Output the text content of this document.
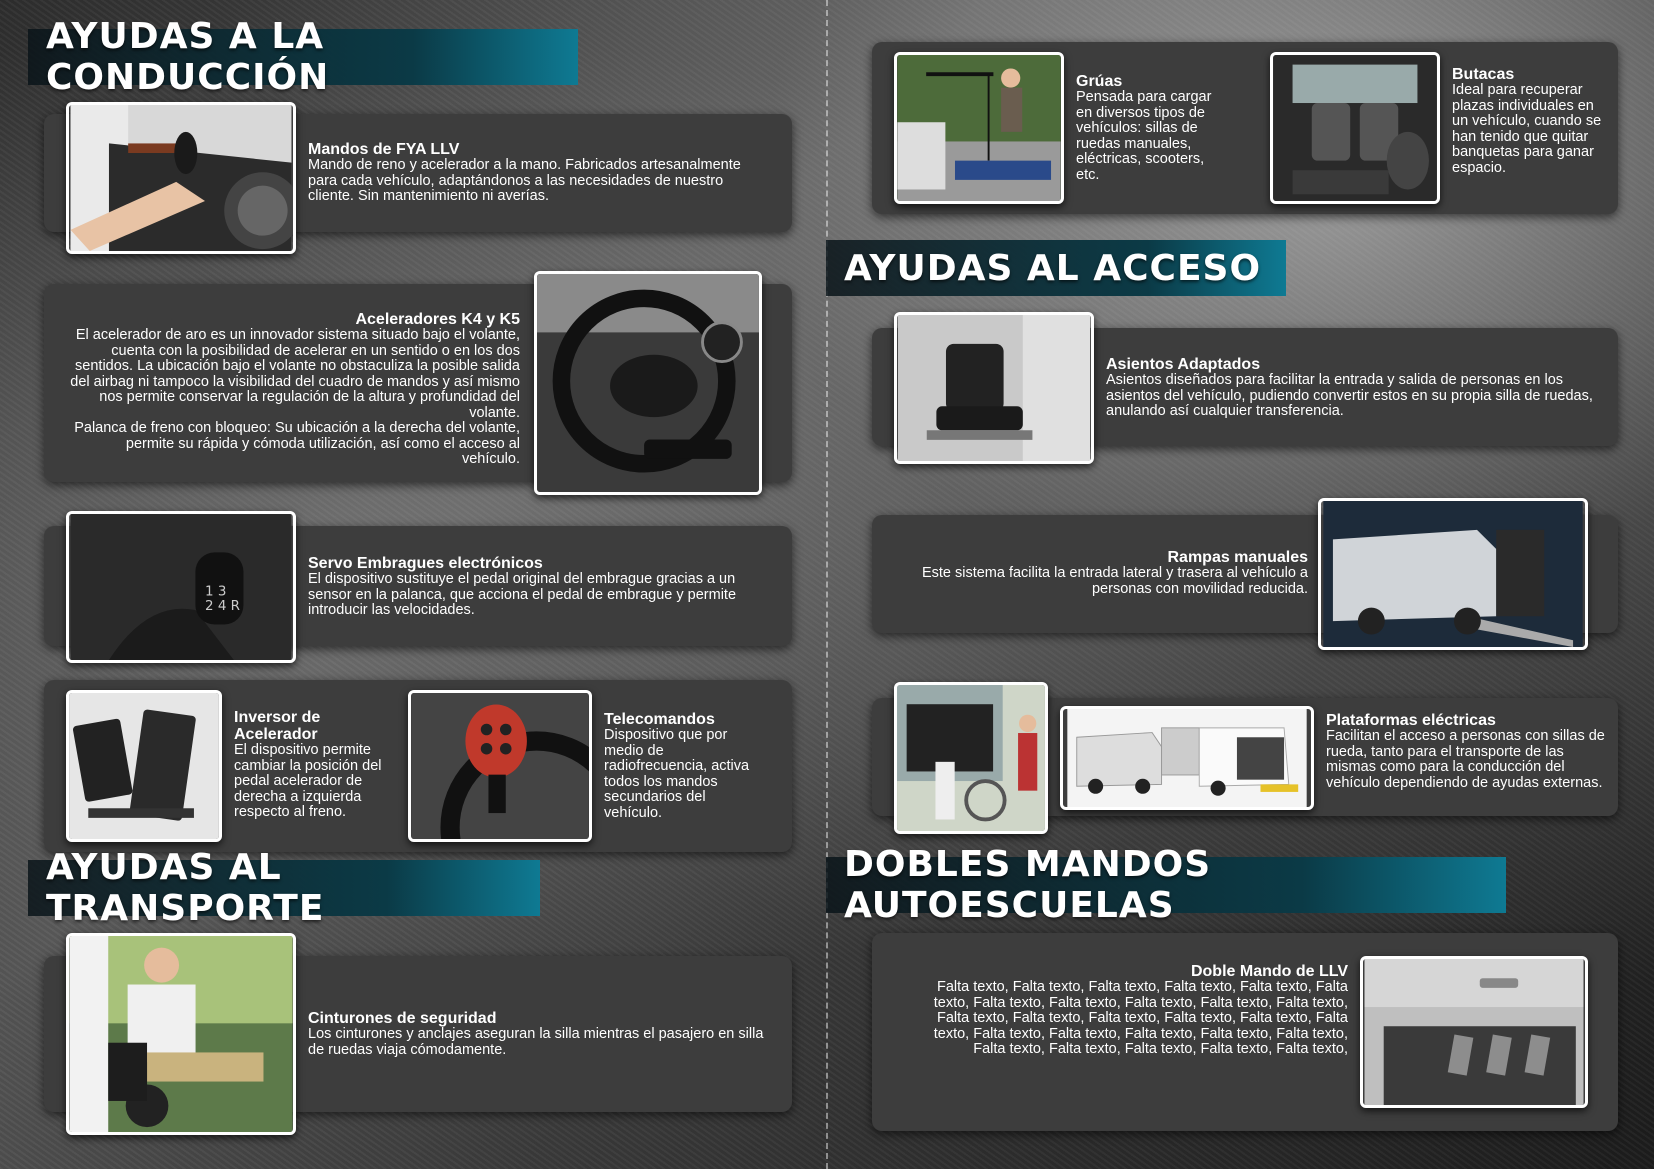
AYUDAS A LA CONDUCCIÓN
Mandos de FYA LLV

Mando de reno y acelerador a la mano. Fabricados artesanalmente para cada vehículo, adaptándonos a las necesidades de nuestro cliente. Sin mantenimiento ni averías.

Aceleradores K4 y K5

El acelerador de aro es un innovador sistema situado bajo el volante, cuenta con la posibilidad de acelerar en un sentido o en los dos sentidos. La ubicación bajo el volante no obstaculiza la posible salida del airbag ni tampoco la visibilidad del cuadro de mandos y así mismo nos permite conservar la regulación de la altura y profundidad del volante.

Palanca de freno con bloqueo: Su ubicación a la derecha del volante, permite su rápida y cómoda utilización, así como el acceso al vehículo.

1 3
2 4 R
Servo Embragues electrónicos

El dispositivo sustituye el pedal original del embrague gracias a un sensor en la palanca, que acciona el pedal de embrague y permite introducir las velocidades.

Inversor de Acelerador

El dispositivo permite cambiar la posición del pedal acelerador de derecha a izquierda respecto al freno.

Telecomandos

Dispositivo que por medio de radiofrecuencia, activa todos los mandos secundarios del vehículo.

AYUDAS AL TRANSPORTE
Cinturones de seguridad

Los cinturones y anclajes aseguran la silla mientras el pasajero en silla de ruedas viaja cómodamente.

Grúas

Pensada para cargar en diversos tipos de vehículos: sillas de ruedas manuales, eléctricas, scooters, etc.

Butacas

Ideal para recuperar plazas individuales en un vehículo, cuando se han tenido que quitar banquetas para ganar espacio.

AYUDAS AL ACCESO
Asientos Adaptados

Asientos diseñados para facilitar la entrada y salida de personas en los asientos del vehículo, pudiendo convertir estos en su propia silla de ruedas, anulando así cualquier transferencia.

Rampas manuales

Este sistema facilita la entrada lateral y trasera al vehículo a personas con movilidad reducida.

Plataformas eléctricas

Facilitan el acceso a personas con sillas de rueda, tanto para el transporte de las mismas como para la conducción del vehículo dependiendo de ayudas externas.

DOBLES MANDOS AUTOESCUELAS
Doble Mando de LLV

Falta texto, Falta texto, Falta texto, Falta texto, Falta texto, Falta texto, Falta texto, Falta texto, Falta texto, Falta texto, Falta texto, Falta texto, Falta texto, Falta texto, Falta texto, Falta texto, Falta texto, Falta texto, Falta texto, Falta texto, Falta texto, Falta texto, Falta texto, Falta texto, Falta texto, Falta texto, Falta texto,
